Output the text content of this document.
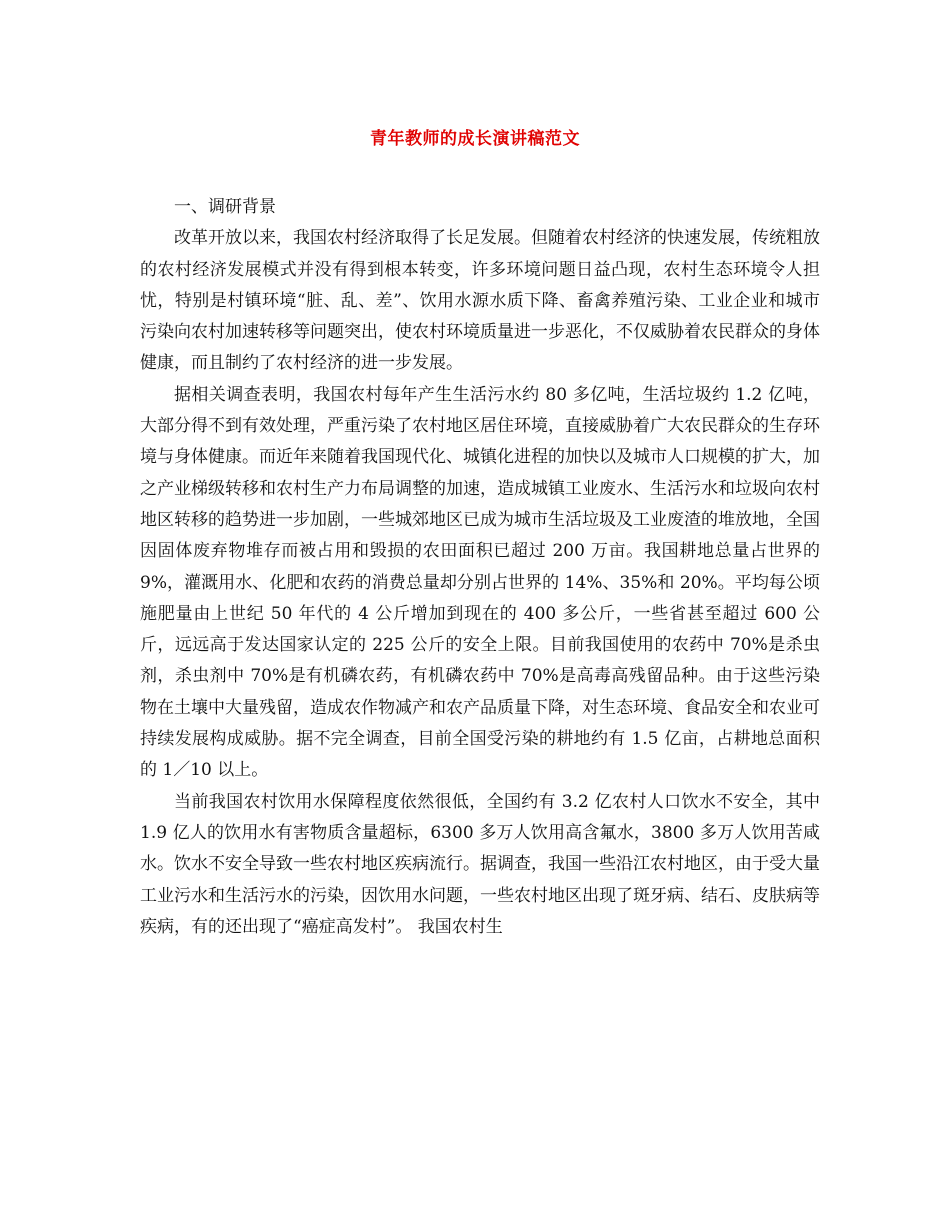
青年教师的成长演讲稿范文

一、调研背景

改革开放以来，我国农村经济取得了长足发展。但随着农村经济的快速发展，传统粗放的农村经济发展模式并没有得到根本转变，许多环境问题日益凸现，农村生态环境令人担忧，特别是村镇环境“脏、乱、差”、饮用水源水质下降、畜禽养殖污染、工业企业和城市污染向农村加速转移等问题突出，使农村环境质量进一步恶化，不仅威胁着农民群众的身体健康，而且制约了农村经济的进一步发展。

据相关调查表明，我国农村每年产生生活污水约 80 多亿吨，生活垃圾约 1.2 亿吨，大部分得不到有效处理，严重污染了农村地区居住环境，直接威胁着广大农民群众的生存环境与身体健康。而近年来随着我国现代化、城镇化进程的加快以及城市人口规模的扩大，加之产业梯级转移和农村生产力布局调整的加速，造成城镇工业废水、生活污水和垃圾向农村地区转移的趋势进一步加剧，一些城郊地区已成为城市生活垃圾及工业废渣的堆放地，全国因固体废弃物堆存而被占用和毁损的农田面积已超过 200 万亩。我国耕地总量占世界的 9%，灌溉用水、化肥和农药的消费总量却分别占世界的 14%、35%和 20%。平均每公顷施肥量由上世纪 50 年代的 4 公斤增加到现在的 400 多公斤，一些省甚至超过 600 公斤，远远高于发达国家认定的 225 公斤的安全上限。目前我国使用的农药中 70%是杀虫剂，杀虫剂中 70%是有机磷农药，有机磷农药中 70%是高毒高残留品种。由于这些污染物在土壤中大量残留，造成农作物减产和农产品质量下降，对生态环境、食品安全和农业可持续发展构成威胁。据不完全调查，目前全国受污染的耕地约有 1.5 亿亩，占耕地总面积的 1／10 以上。

当前我国农村饮用水保障程度依然很低，全国约有 3.2 亿农村人口饮水不安全，其中 1.9 亿人的饮用水有害物质含量超标，6300 多万人饮用高含氟水，3800 多万人饮用苦咸水。饮水不安全导致一些农村地区疾病流行。据调查，我国一些沿江农村地区，由于受大量工业污水和生活污水的污染，因饮用水问题，一些农村地区出现了斑牙病、结石、皮肤病等疾病，有的还出现了“癌症高发村”。 我国农村生
